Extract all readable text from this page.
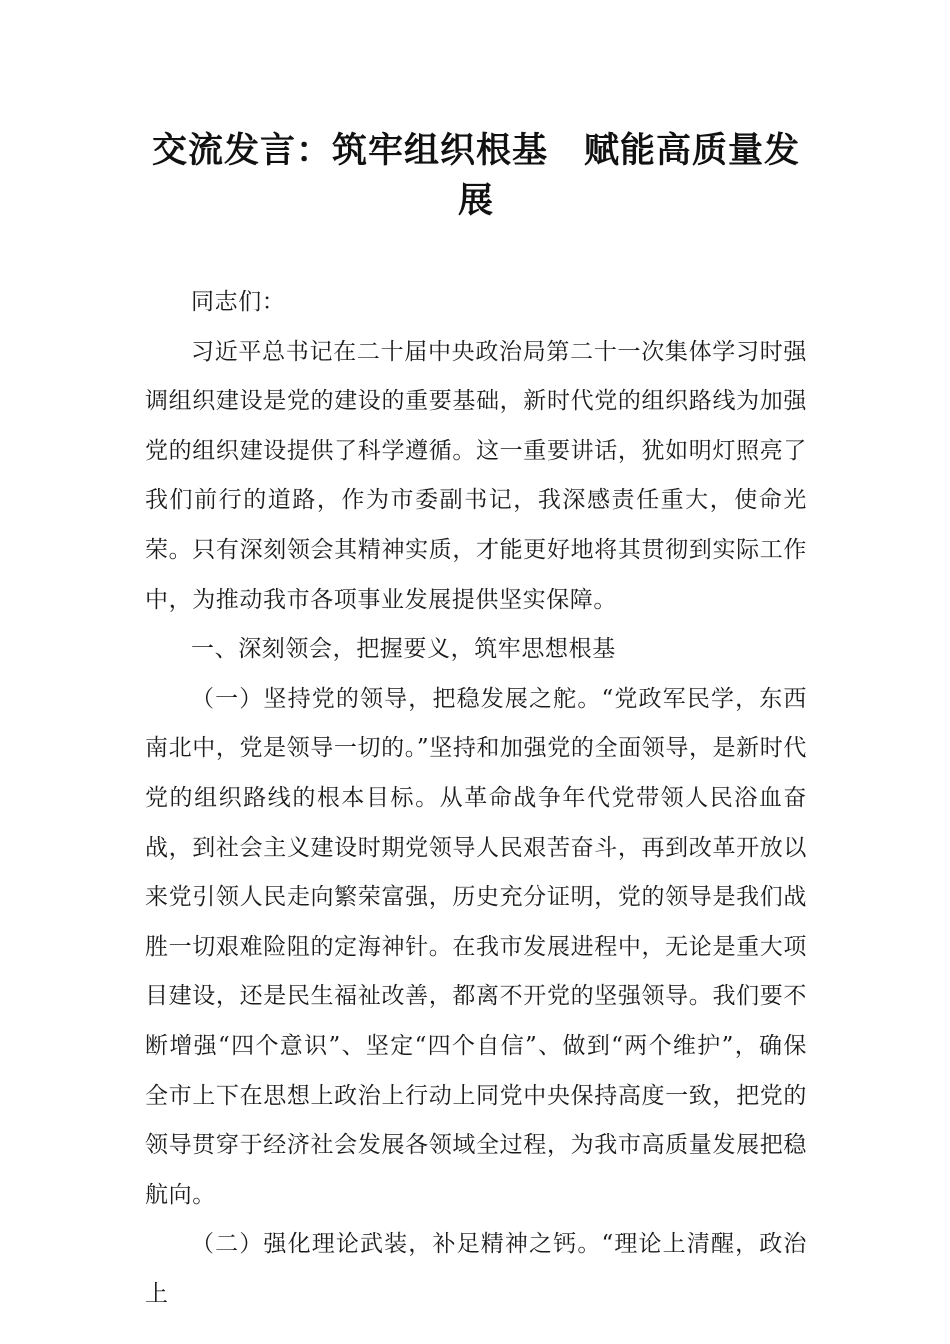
交流发言：筑牢组织根基　赋能高质量发展

同志们：

习近平总书记在二十届中央政治局第二十一次集体学习时强调组织建设是党的建设的重要基础，新时代党的组织路线为加强党的组织建设提供了科学遵循。这一重要讲话，犹如明灯照亮了我们前行的道路，作为市委副书记，我深感责任重大，使命光荣。只有深刻领会其精神实质，才能更好地将其贯彻到实际工作中，为推动我市各项事业发展提供坚实保障。

一、深刻领会，把握要义，筑牢思想根基

（一）坚持党的领导，把稳发展之舵。“党政军民学，东西南北中，党是领导一切的。”坚持和加强党的全面领导，是新时代党的组织路线的根本目标。从革命战争年代党带领人民浴血奋战，到社会主义建设时期党领导人民艰苦奋斗，再到改革开放以来党引领人民走向繁荣富强，历史充分证明，党的领导是我们战胜一切艰难险阻的定海神针。在我市发展进程中，无论是重大项目建设，还是民生福祉改善，都离不开党的坚强领导。我们要不断增强“四个意识”、坚定“四个自信”、做到“两个维护”，确保全市上下在思想上政治上行动上同党中央保持高度一致，把党的领导贯穿于经济社会发展各领域全过程，为我市高质量发展把稳航向。

（二）强化理论武装，补足精神之钙。“理论上清醒，政治上
